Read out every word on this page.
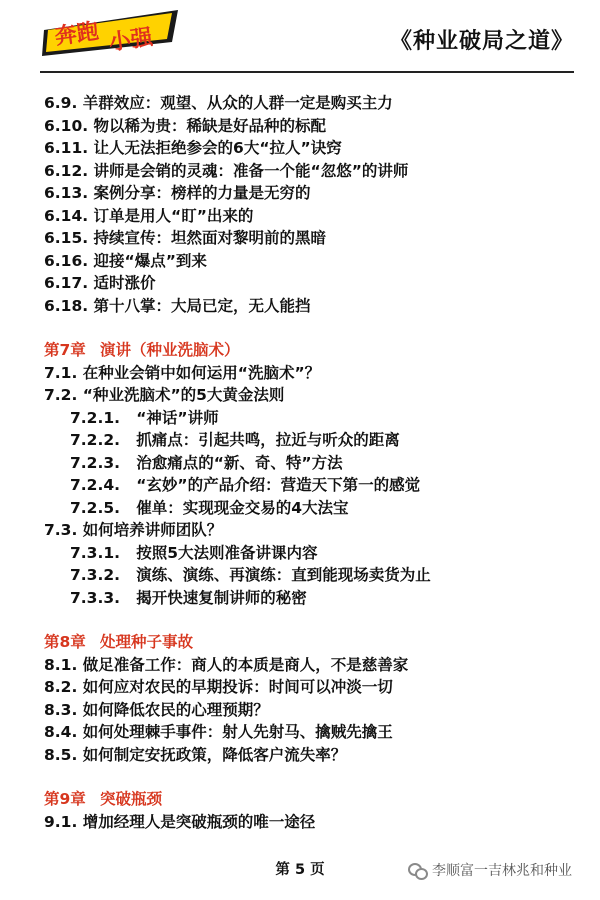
奔跑 小强	《种业破局之道》
6.9. 羊群效应：观望、从众的人群一定是购买主力
6.10. 物以稀为贵：稀缺是好品种的标配
6.11. 让人无法拒绝参会的6大“拉人”诀窍
6.12. 讲师是会销的灵魂：准备一个能“忽悠”的讲师
6.13. 案例分享：榜样的力量是无穷的
6.14. 订单是用人“盯”出来的
6.15. 持续宣传：坦然面对黎明前的黑暗
6.16. 迎接“爆点”到来
6.17. 适时涨价
6.18. 第十八掌：大局已定，无人能挡
第7章 演讲（种业洗脑术）
7.1. 在种业会销中如何运用“洗脑术”？
7.2. “种业洗脑术”的5大黄金法则
7.2.1. “神话”讲师
7.2.2. 抓痛点：引起共鸣，拉近与听众的距离
7.2.3. 治愈痛点的“新、奇、特”方法
7.2.4. “玄妙”的产品介绍：营造天下第一的感觉
7.2.5. 催单：实现现金交易的4大法宝
7.3. 如何培养讲师团队？
7.3.1. 按照5大法则准备讲课内容
7.3.2. 演练、演练、再演练：直到能现场卖货为止
7.3.3. 揭开快速复制讲师的秘密
第8章 处理种子事故
8.1. 做足准备工作：商人的本质是商人，不是慈善家
8.2. 如何应对农民的早期投诉：时间可以冲淡一切
8.3. 如何降低农民的心理预期？
8.4. 如何处理棘手事件：射人先射马、擒贼先擒王
8.5. 如何制定安抚政策，降低客户流失率？
第9章 突破瓶颈
9.1. 增加经理人是突破瓶颈的唯一途径
第 5 页	李顺富一吉林兆和种业
